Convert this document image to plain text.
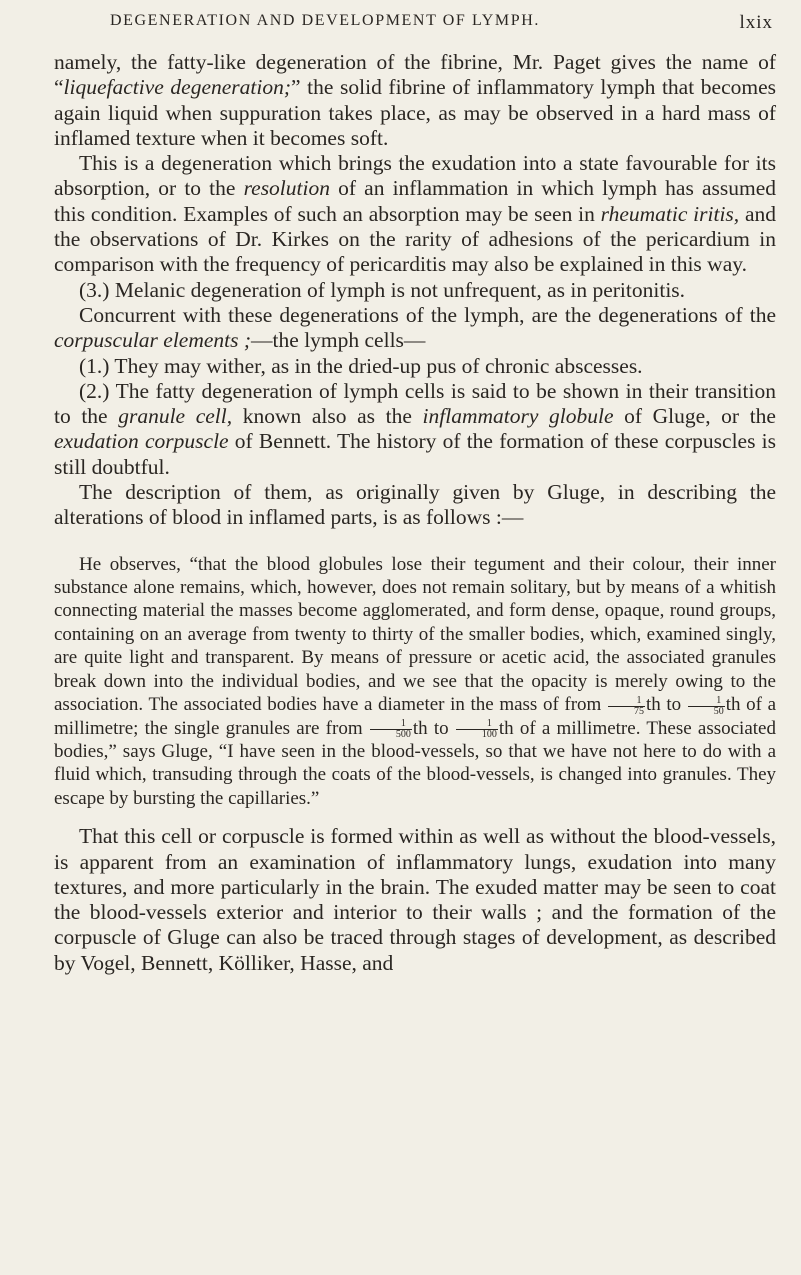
DEGENERATION AND DEVELOPMENT OF LYMPH.	lxix

namely, the fatty-like degeneration of the fibrine, Mr. Paget gives the name of “liquefactive degeneration;” the solid fibrine of inflammatory lymph that becomes again liquid when suppuration takes place, as may be observed in a hard mass of inflamed texture when it becomes soft.

This is a degeneration which brings the exudation into a state favourable for its absorption, or to the resolution of an inflammation in which lymph has assumed this condition. Examples of such an absorption may be seen in rheumatic iritis, and the observations of Dr. Kirkes on the rarity of adhesions of the pericardium in comparison with the frequency of pericarditis may also be explained in this way.

(3.) Melanic degeneration of lymph is not unfrequent, as in peritonitis.

Concurrent with these degenerations of the lymph, are the degenerations of the corpuscular elements ;—the lymph cells—

(1.) They may wither, as in the dried-up pus of chronic abscesses.

(2.) The fatty degeneration of lymph cells is said to be shown in their transition to the granule cell, known also as the inflammatory globule of Gluge, or the exudation corpuscle of Bennett. The history of the formation of these corpuscles is still doubtful.

The description of them, as originally given by Gluge, in describing the alterations of blood in inflamed parts, is as follows :—

He observes, “that the blood globules lose their tegument and their colour, their inner substance alone remains, which, however, does not remain solitary, but by means of a whitish connecting material the masses become agglomerated, and form dense, opaque, round groups, containing on an average from twenty to thirty of the smaller bodies, which, examined singly, are quite light and transparent. By means of pressure or acetic acid, the associated granules break down into the individual bodies, and we see that the opacity is merely owing to the association. The associated bodies have a diameter in the mass of from $\frac{1}{75}$ th to $\frac{1}{50}$ th of a millimetre; the single granules are from $\frac{1}{500}$ th to $\frac{1}{100}$ th of a millimetre. These associated bodies,” says Gluge, “I have seen in the blood-vessels, so that we have not here to do with a fluid which, transuding through the coats of the blood-vessels, is changed into granules. They escape by bursting the capillaries.”

That this cell or corpuscle is formed within as well as without the blood-vessels, is apparent from an examination of inflammatory lungs, exudation into many textures, and more particularly in the brain. The exuded matter may be seen to coat the blood-vessels exterior and interior to their walls ; and the formation of the corpuscle of Gluge can also be traced through stages of development, as described by Vogel, Bennett, Kölliker, Hasse, and
